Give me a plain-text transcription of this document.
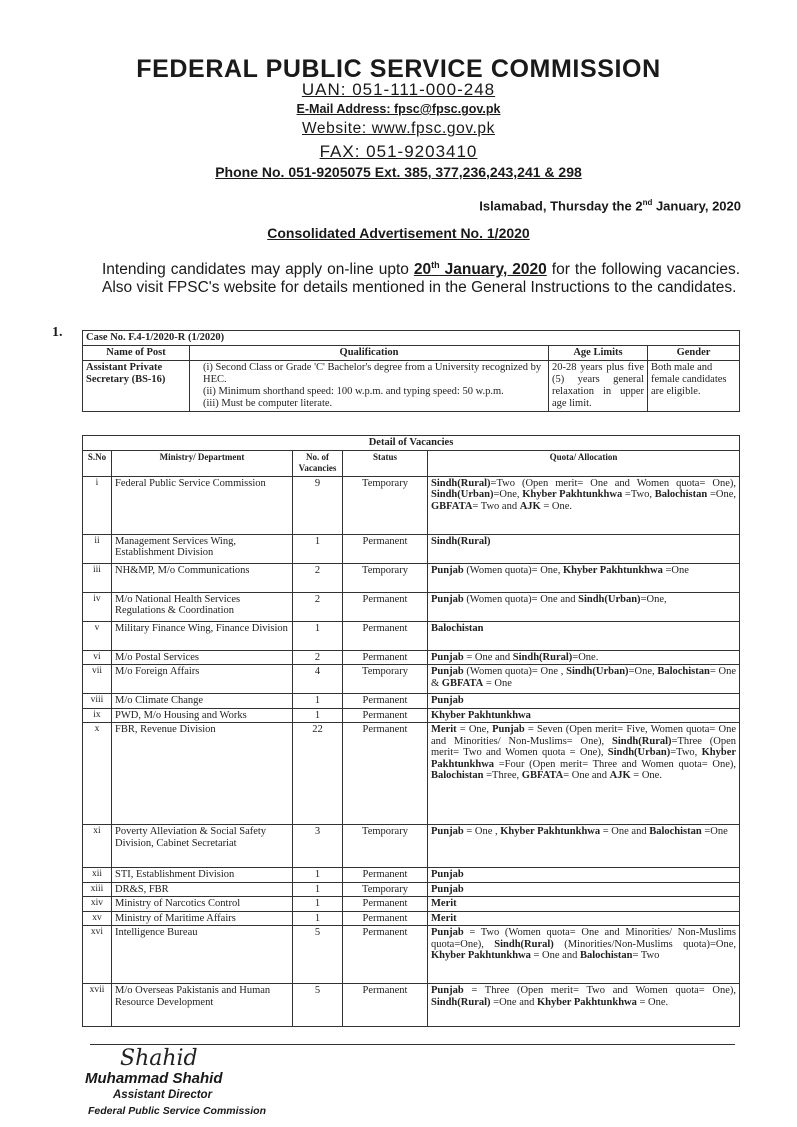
FEDERAL PUBLIC SERVICE COMMISSION
UAN: 051-111-000-248
E-Mail Address: fpsc@fpsc.gov.pk
Website: www.fpsc.gov.pk
FAX: 051-9203410
Phone No. 051-9205075 Ext. 385, 377,236,243,241 & 298
Islamabad, Thursday the 2nd January, 2020
Consolidated Advertisement No. 1/2020
Intending candidates may apply on-line upto 20th January, 2020 for the following vacancies. Also visit FPSC's website for details mentioned in the General Instructions to the candidates.
1. Case No. F.4-1/2020-R (1/2020)			
Name of Post	Qualification	Age Limits	Gender
Assistant Private Secretary (BS-16)	(i) Second Class or Grade 'C' Bachelor's degree from a University recognized by HEC.
(ii) Minimum shorthand speed: 100 w.p.m. and typing speed: 50 w.p.m.
(iii) Must be computer literate.	20-28 years plus five (5) years general relaxation in upper age limit.	Both male and female candidates are eligible.
Detail of Vacancies				
S.No	Ministry/ Department	No. of Vacancies	Status	Quota/ Allocation
i	Federal Public Service Commission	9	Temporary	Sindh(Rural)=Two (Open merit= One and Women quota= One), Sindh(Urban)=One, Khyber Pakhtunkhwa =Two, Balochistan =One, GBFATA= Two and AJK = One.
ii	Management Services Wing, Establishment Division	1	Permanent	Sindh(Rural)
iii	NH&MP, M/o Communications	2	Temporary	Punjab (Women quota)= One, Khyber Pakhtunkhwa =One
iv	M/o National Health Services Regulations & Coordination	2	Permanent	Punjab (Women quota)= One and Sindh(Urban)=One,
v	Military Finance Wing, Finance Division	1	Permanent	Balochistan
vi	M/o Postal Services	2	Permanent	Punjab = One and Sindh(Rural)=One.
vii	M/o Foreign Affairs	4	Temporary	Punjab (Women quota)= One , Sindh(Urban)=One, Balochistan= One & GBFATA = One
viii	M/o Climate Change	1	Permanent	Punjab
ix	PWD, M/o Housing and Works	1	Permanent	Khyber Pakhtunkhwa
x	FBR, Revenue Division	22	Permanent	Merit = One, Punjab = Seven (Open merit= Five, Women quota= One and Minorities/ Non-Muslims= One), Sindh(Rural)=Three (Open merit= Two and Women quota = One), Sindh(Urban)=Two, Khyber Pakhtunkhwa =Four (Open merit= Three and Women quota= One), Balochistan =Three, GBFATA= One and AJK = One.
xi	Poverty Alleviation & Social Safety Division, Cabinet Secretariat	3	Temporary	Punjab = One , Khyber Pakhtunkhwa = One and Balochistan =One
xii	STI, Establishment Division	1	Permanent	Punjab
xiii	DR&S, FBR	1	Temporary	Punjab
xiv	Ministry of Narcotics Control	1	Permanent	Merit
xv	Ministry of Maritime Affairs	1	Permanent	Merit
xvi	Intelligence Bureau	5	Permanent	Punjab = Two (Women quota= One and Minorities/ Non-Muslims quota=One), Sindh(Rural) (Minorities/Non-Muslims quota)=One, Khyber Pakhtunkhwa = One and Balochistan= Two
xvii	M/o Overseas Pakistanis and Human Resource Development	5	Permanent	Punjab = Three (Open merit= Two and Women quota= One), Sindh(Rural) =One and Khyber Pakhtunkhwa = One.
Shahid
Muhammad Shahid
Assistant Director
Federal Public Service Commission
